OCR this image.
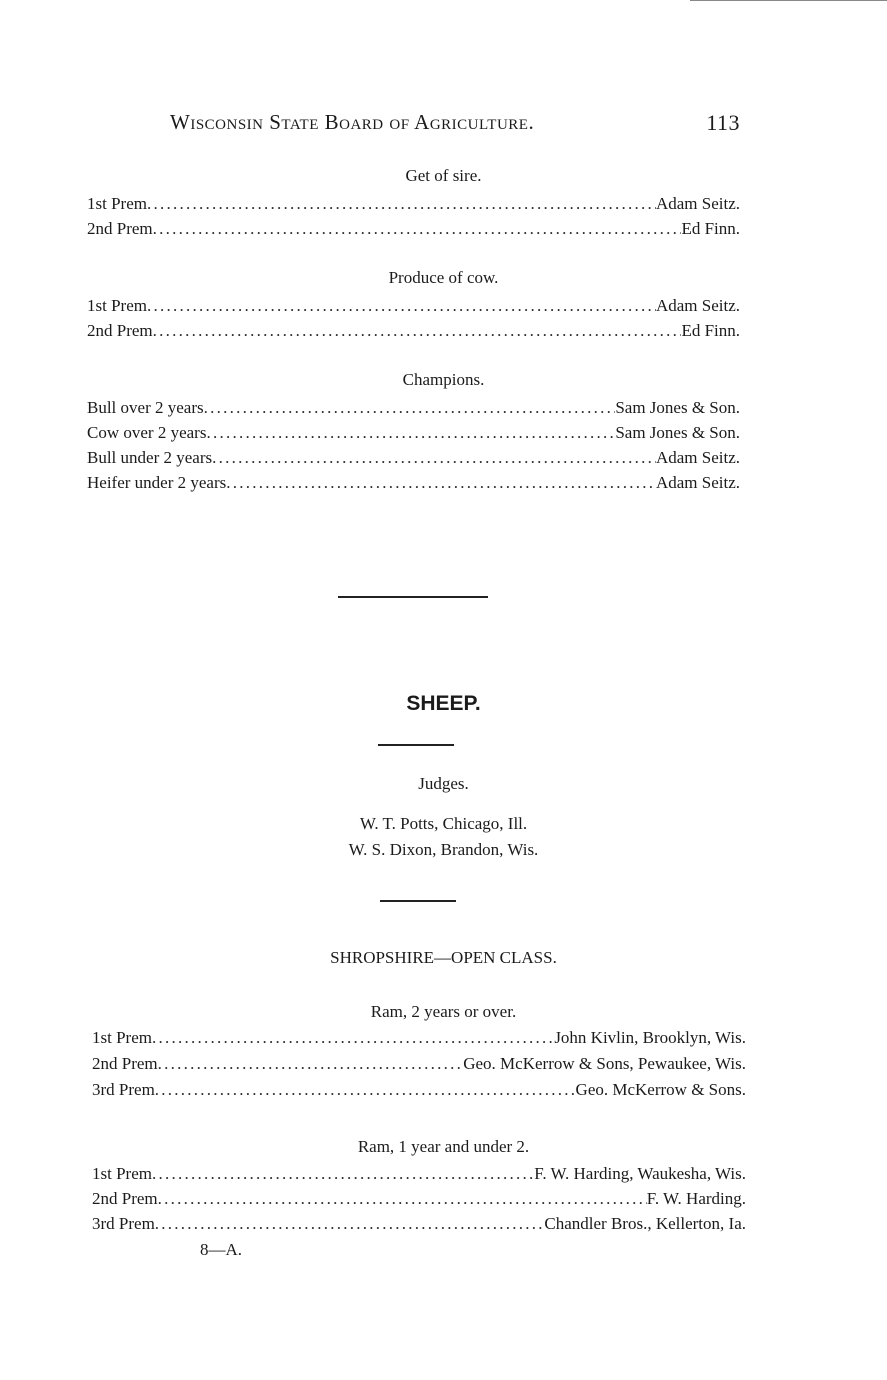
Wisconsin State Board of Agriculture.	113
Get of sire.
1st Prem . . .	Adam Seitz.
2nd Prem . . .	Ed Finn.
Produce of cow.
1st Prem . . .	Adam Seitz.
2nd Prem . . .	Ed Finn.
Champions.
Bull over 2 years . . .	Sam Jones & Son.
Cow over 2 years . . .	Sam Jones & Son.
Bull under 2 years . . .	Adam Seitz.
Heifer under 2 years . . .	Adam Seitz.
SHEEP.
Judges.
W. T. Potts, Chicago, Ill.
W. S. Dixon, Brandon, Wis.
SHROPSHIRE—OPEN CLASS.
Ram, 2 years or over.
1st Prem . . .	John Kivlin, Brooklyn, Wis.
2nd Prem . . .	Geo. McKerrow & Sons, Pewaukee, Wis.
3rd Prem . . .	Geo. McKerrow & Sons.
Ram, 1 year and under 2.
1st Prem . . .	F. W. Harding, Waukesha, Wis.
2nd Prem . . .	F. W. Harding.
3rd Prem . . .	Chandler Bros., Kellerton, Ia.
8—A.
